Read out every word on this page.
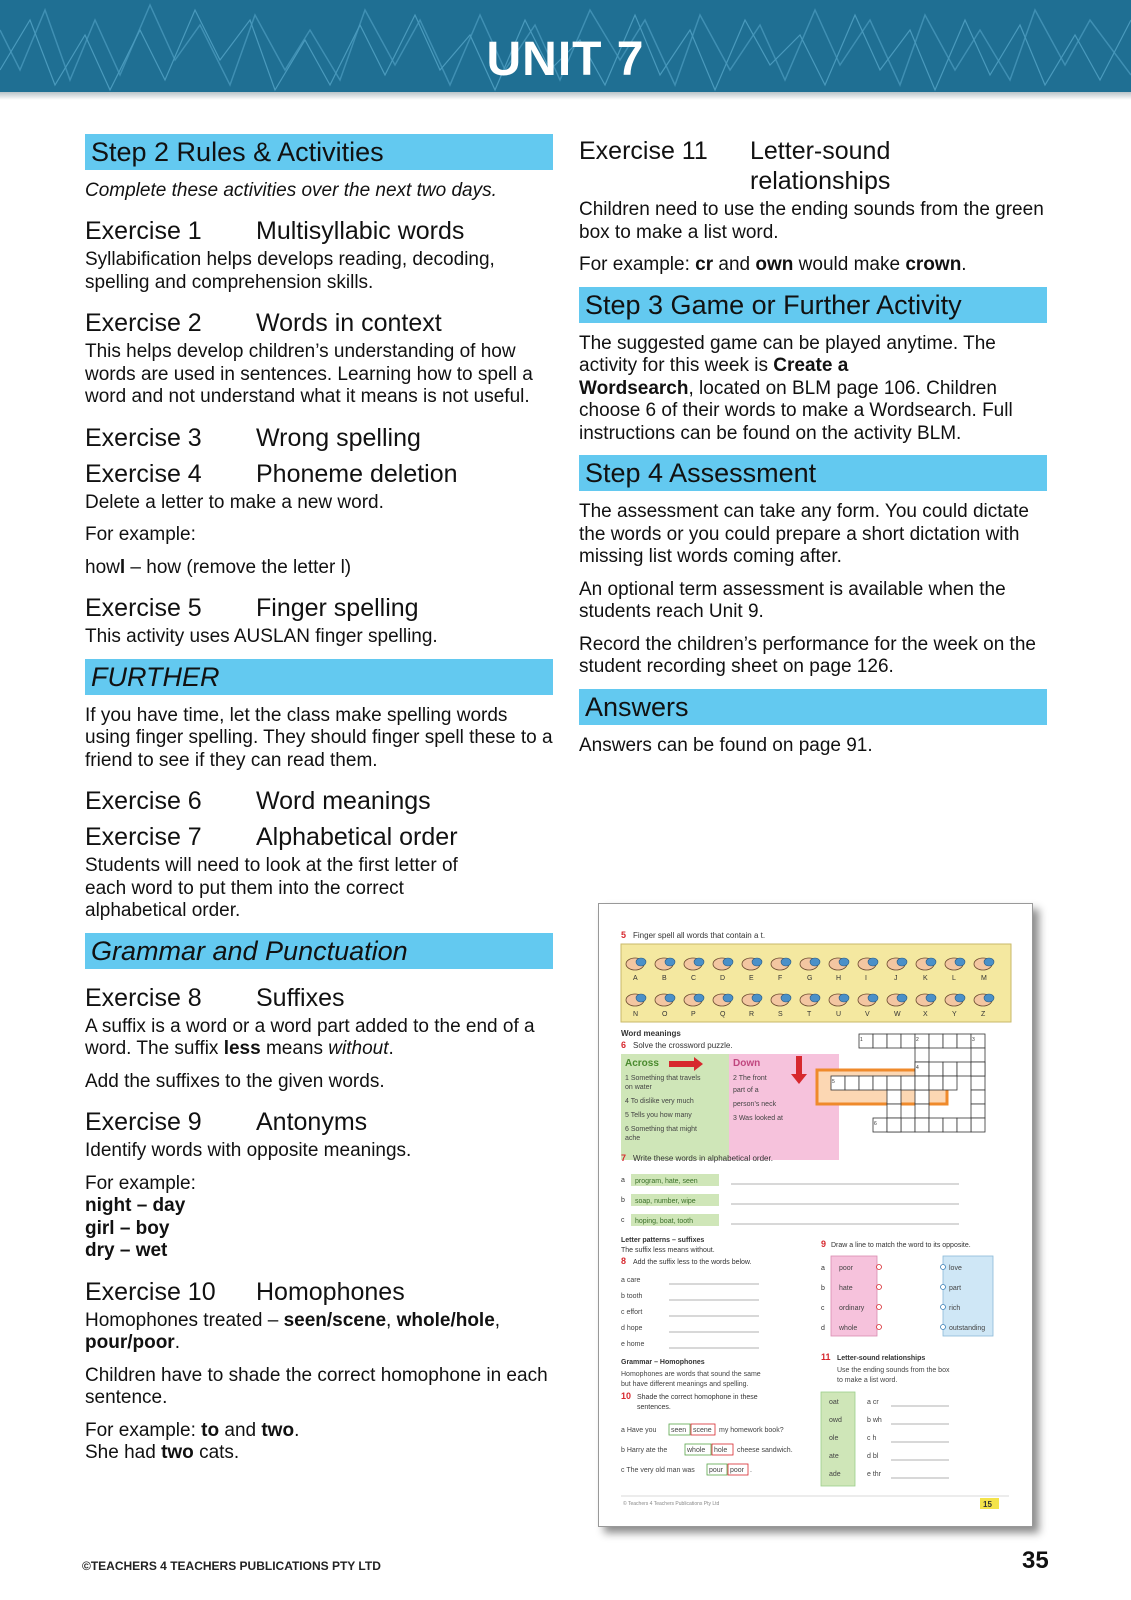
UNIT 7
Step 2 Rules & Activities
Complete these activities over the next two days.
Exercise 1	Multisyllabic words
Syllabification helps develops reading, decoding, spelling and comprehension skills.
Exercise 2	Words in context
This helps develop children’s understanding of how words are used in sentences. Learning how to spell a word and not understand what it means is not useful.
Exercise 3	Wrong spelling
Exercise 4	Phoneme deletion
Delete a letter to make a new word.
For example:
howl – how (remove the letter l)
Exercise 5	Finger spelling
This activity uses AUSLAN finger spelling.
FURTHER
If you have time, let the class make spelling words using finger spelling. They should finger spell these to a friend to see if they can read them.
Exercise 6	Word meanings
Exercise 7	Alphabetical order
Students will need to look at the first letter of each word to put them into the correct alphabetical order.
Grammar and Punctuation
Exercise 8	Suffixes
A suffix is a word or a word part added to the end of a word. The suffix less means without.
Add the suffixes to the given words.
Exercise 9	Antonyms
Identify words with opposite meanings.
For example:
night – day
girl – boy
dry – wet
Exercise 10	Homophones
Homophones treated – seen/scene, whole/hole, pour/poor.
Children have to shade the correct homophone in each sentence.
For example: to and two.
She had two cats.
Exercise 11	Letter-sound
relationships
Children need to use the ending sounds from the green box to make a list word.
For example: cr and own would make crown.
Step 3 Game or Further Activity
The suggested game can be played anytime. The activity for this week is Create a
Wordsearch, located on BLM page 106. Children choose 6 of their words to make a Wordsearch. Full instructions can be found on the activity BLM.
Step 4 Assessment
The assessment can take any form. You could dictate the words or you could prepare a short dictation with missing list words coming after.
An optional term assessment is available when the students reach Unit 9.
Record the children’s performance for the week on the student recording sheet on page 126.
Answers
Answers can be found on page 91.
5 Finger spell all words that contain a t.
A	B	C	D	E	F	G	H	I	J	K	L	M
N	O	P	Q	R	S	T	U	V	W	X	Y	Z
Word meanings
6 Solve the crossword puzzle.
Across	Down
1 Something that travels
on water
4 To dislike very much
5 Tells you how many
6 Something that might
ache
2 The front
part of a
person’s neck
3 Was looked at
1	2	3
4
5
6
7 Write these words in alphabetical order.
a program, hate, seen
b soap, number, wipe
c hoping, boat, tooth
Letter patterns – suffixes
The suffix less means without.
8 Add the suffix less to the words below.
a care
b tooth
c effort
d hope
e home
9 Draw a line to match the word to its opposite.
a poor	love
b hate	part
c ordinary	rich
d whole	outstanding
Grammar – Homophones
Homophones are words that sound the same
but have different meanings and spelling.
10 Shade the correct homophone in these
sentences.
a Have you seen scene my homework book?
b Harry ate the	whole hole cheese sandwich.
c The very old man was pour poor .
11 Letter-sound relationships
Use the ending sounds from the box
to make a list word.
oat	a cr
owd	b wh
ole	c h
ate	d bl
ade	e thr
© Teachers 4 Teachers Publications Pty Ltd	15
©TEACHERS 4 TEACHERS PUBLICATIONS PTY LTD	35
